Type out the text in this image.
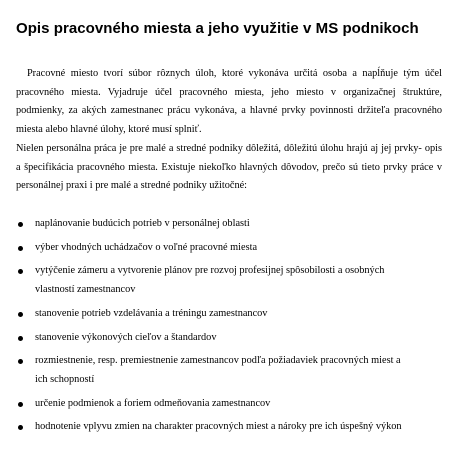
Opis pracovného miesta a jeho využitie v MS podnikoch

Pracovné miesto tvorí súbor rôznych úloh, ktoré vykonáva určitá osoba a napĺňuje tým účel pracovného miesta. Vyjadruje účel pracovného miesta, jeho miesto v organizačnej štruktúre, podmienky, za akých zamestnanec prácu vykonáva, a hlavné prvky povinnosti držiteľa pracovného miesta alebo hlavné úlohy, ktoré musí splniť.

Nielen personálna práca je pre malé a stredné podniky dôležitá, dôležitú úlohu hrajú aj jej prvky- opis a špecifikácia pracovného miesta. Existuje niekoľko hlavných dôvodov, prečo sú tieto prvky práce v personálnej praxi i pre malé a stredné podniky užitočné:

naplánovanie budúcich potrieb v personálnej oblasti
výber vhodných uchádzačov o voľné pracovné miesta
vytýčenie zámeru a vytvorenie plánov pre rozvoj profesijnej spôsobilosti a osobných
vlastností zamestnancov
stanovenie potrieb vzdelávania a tréningu zamestnancov
stanovenie výkonových cieľov a štandardov
rozmiestnenie, resp. premiestnenie zamestnancov podľa požiadaviek pracovných miest a
ich schopností
určenie podmienok a foriem odmeňovania zamestnancov
hodnotenie vplyvu zmien na charakter pracovných miest a nároky pre ich úspešný výkon
